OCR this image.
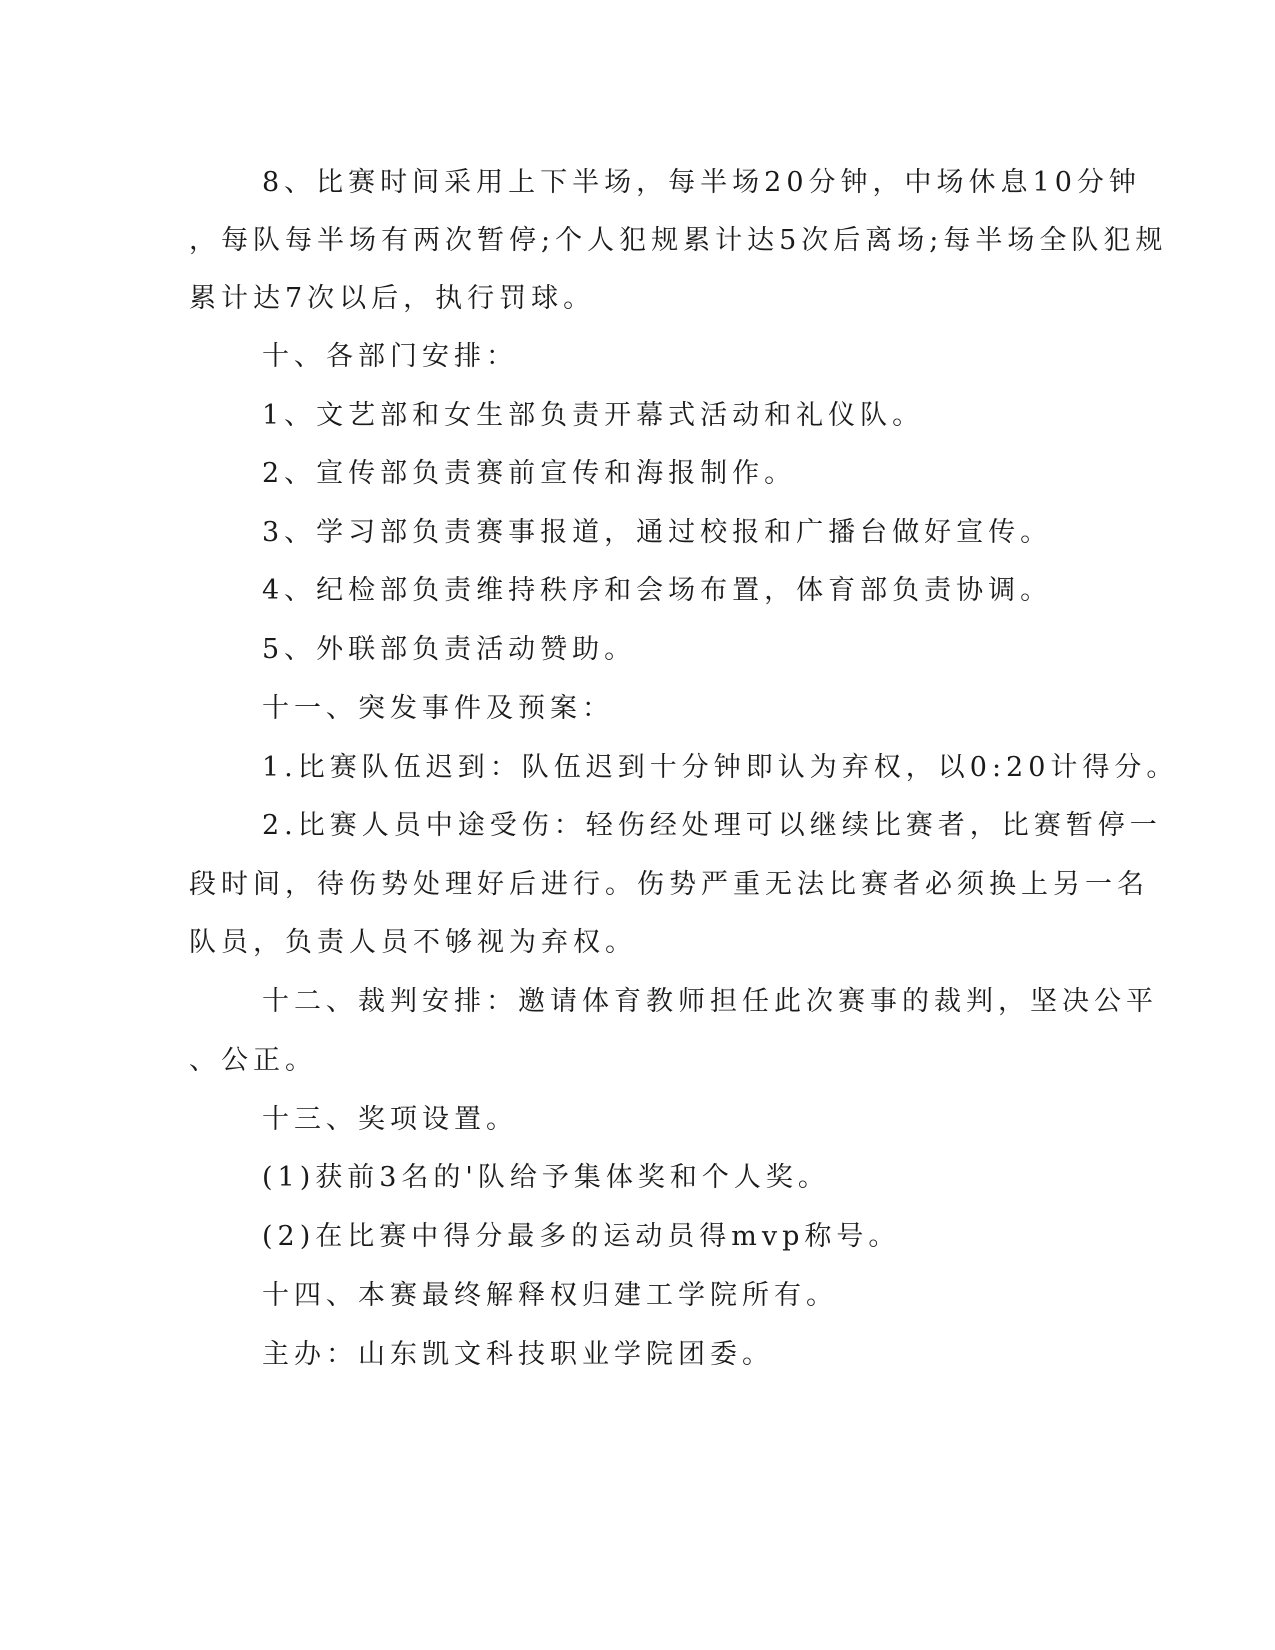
8、比赛时间采用上下半场，每半场20分钟，中场休息10分钟
，每队每半场有两次暂停;个人犯规累计达5次后离场;每半场全队犯规
累计达7次以后，执行罚球。
十、各部门安排：
1、文艺部和女生部负责开幕式活动和礼仪队。
2、宣传部负责赛前宣传和海报制作。
3、学习部负责赛事报道，通过校报和广播台做好宣传。
4、纪检部负责维持秩序和会场布置，体育部负责协调。
5、外联部负责活动赞助。
十一、突发事件及预案：
1.比赛队伍迟到：队伍迟到十分钟即认为弃权，以0:20计得分。
2.比赛人员中途受伤：轻伤经处理可以继续比赛者，比赛暂停一
段时间，待伤势处理好后进行。伤势严重无法比赛者必须换上另一名
队员，负责人员不够视为弃权。
十二、裁判安排：邀请体育教师担任此次赛事的裁判，坚决公平
、公正。
十三、奖项设置。
(1)获前3名的'队给予集体奖和个人奖。
(2)在比赛中得分最多的运动员得mvp称号。
十四、本赛最终解释权归建工学院所有。
主办：山东凯文科技职业学院团委。
